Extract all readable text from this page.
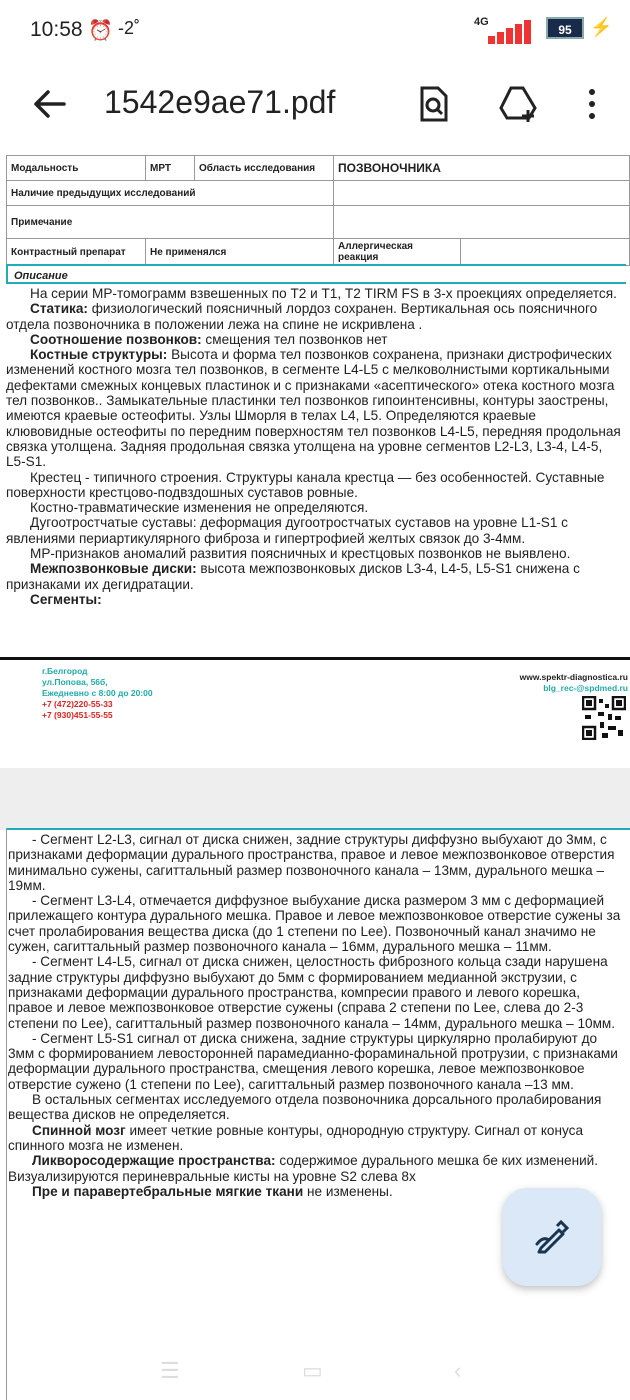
10:58 ⏰ -2˚	4G
95	⚡
1542e9ae71.pdf
Модальность	МРТ	Область исследования	ПОЗВОНОЧНИКА	
Наличие предыдущих исследований				
Примечание				
Контрастный препарат	Не применялся		Аллергическая реакция	
Описание

На серии МР-томограмм взвешенных по Т2 и Т1, Т2 TIRM FS в 3-х проекциях определяется.

Статика: физиологический поясничный лордоз сохранен. Вертикальная ось поясничного отдела позвоночника в положении лежа на спине не искривлена .

Соотношение позвонков: смещения тел позвонков нет

Костные структуры: Высота и форма тел позвонков сохранена, признаки дистрофических изменений костного мозга тел позвонков, в сегменте L4-L5 с мелковолнистыми кортикальными дефектами смежных концевых пластинок и с признаками «асептического» отека костного мозга тел позвонков.. Замыкательные пластинки тел позвонков гипоинтенсивны, контуры заострены, имеются краевые остеофиты. Узлы Шморля в телах L4, L5. Определяются краевые клювовидные остеофиты по передним поверхностям тел позвонков L4-L5, передняя продольная связка утолщена. Задняя продольная связка утолщена на уровне сегментов L2-L3, L3-4, L4-5, L5-S1.

Крестец - типичного строения. Структуры канала крестца — без особенностей. Суставные поверхности крестцово-подвздошных суставов ровные.

Костно-травматические изменения не определяются.

Дугоотростчатые суставы: деформация дугоотростчатых суставов на уровне L1-S1 с явлениями периартикулярного фиброза и гипертрофией желтых связок до 3-4мм.

МР-признаков аномалий развития поясничных и крестцовых позвонков не выявлено.

Межпозвонковые диски: высота межпозвонковых дисков L3-4, L4-5, L5-S1 снижена с признаками их дегидратации.

Сегменты:

г.Белгород
ул.Попова, 56б,
Ежедневно с 8:00 до 20:00
+7 (472)220-55-33
+7 (930)451-55-55
www.spektr-diagnostica.ru
blg_rec-@spdmed.ru

- Сегмент L2-L3, сигнал от диска снижен, задние структуры диффузно выбухают до 3мм, с признаками деформации дурального пространства, правое и левое межпозвонковое отверстия минимально сужены, сагиттальный размер позвоночного канала – 13мм, дурального мешка – 19мм.

- Сегмент L3-L4, отмечается диффузное выбухание диска размером 3 мм с деформацией прилежащего контура дурального мешка. Правое и левое межпозвонковое отверстие сужены за счет пролабирования вещества диска (до 1 степени по Lee). Позвоночный канал значимо не сужен, сагиттальный размер позвоночного канала – 16мм, дурального мешка – 11мм.

- Сегмент L4-L5, сигнал от диска снижен, целостность фиброзного кольца сзади нарушена задние структуры диффузно выбухают до 5мм с формированием медианной экструзии, с признаками деформации дурального пространства, компресии правого и левого корешка, правое и левое межпозвонковое отверстие сужены (справа 2 степени по Lee, слева до 2-3 степени по Lee), сагиттальный размер позвоночного канала – 14мм, дурального мешка – 10мм.

- Сегмент L5-S1 сигнал от диска снижена, задние структуры циркулярно пролабируют до 3мм с формированием левосторонней парамедианно-фораминальной протрузии, с признаками деформации дурального пространства, смещения левого корешка, левое межпозвонковое отверстие сужено (1 степени по Lee), сагиттальный размер позвоночного канала –13 мм.

В остальных сегментах исследуемого отдела позвоночника дорсального пролабирования вещества дисков не определяется.

Спинной мозг имеет четкие ровные контуры, однородную структуру. Сигнал от конуса спинного мозга не изменен.

Ликворосодержащие пространства: содержимое дурального мешка бе ких изменений. Визуализируются периневральные кисты на уровне S2 слева 8х

Пре и паравертебральные мягкие ткани не изменены.

☰	▭	‹
